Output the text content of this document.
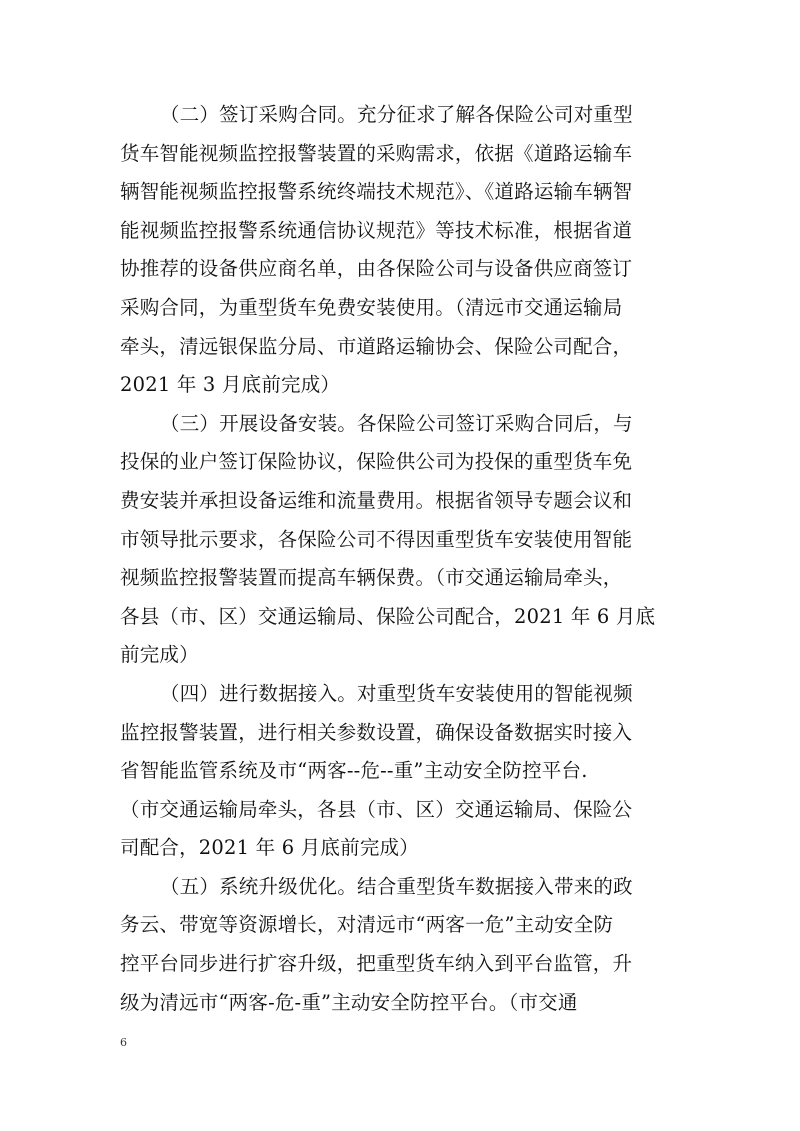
（二）签订采购合同。充分征求了解各保险公司对重型
货车智能视频监控报警装置的采购需求，依据《道路运输车
辆智能视频监控报警系统终端技术规范》、《道路运输车辆智
能视频监控报警系统通信协议规范》等技术标准，根据省道
协推荐的设备供应商名单，由各保险公司与设备供应商签订
采购合同，为重型货车免费安装使用。（清远市交通运输局
牵头，清远银保监分局、市道路运输协会、保险公司配合，
2021 年 3 月底前完成）
（三）开展设备安装。各保险公司签订采购合同后，与
投保的业户签订保险协议，保险供公司为投保的重型货车免
费安装并承担设备运维和流量费用。根据省领导专题会议和
市领导批示要求，各保险公司不得因重型货车安装使用智能
视频监控报警装置而提高车辆保费。（市交通运输局牵头，
各县（市、区）交通运输局、保险公司配合，2021 年 6 月底
前完成）
（四）进行数据接入。对重型货车安装使用的智能视频
监控报警装置，进行相关参数设置，确保设备数据实时接入
省智能监管系统及市“两客--危--重”主动安全防控平台.
（市交通运输局牵头，各县（市、区）交通运输局、保险公
司配合，2021 年 6 月底前完成）
（五）系统升级优化。结合重型货车数据接入带来的政
务云、带宽等资源增长，对清远市“两客一危”主动安全防
控平台同步进行扩容升级，把重型货车纳入到平台监管，升
级为清远市“两客-危-重”主动安全防控平台。（市交通
6
